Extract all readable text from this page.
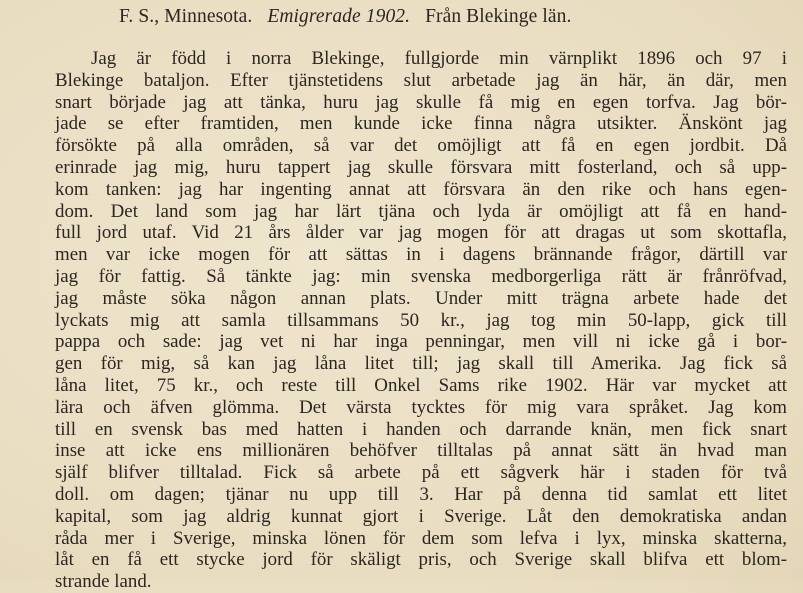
F. S., Minnesota. Emigrerade 1902. Från Blekinge län.
Jag är född i norra Blekinge, fullgjorde min värnplikt 1896 och 97 i
Blekinge bataljon. Efter tjänstetidens slut arbetade jag än här, än där, men
snart började jag att tänka, huru jag skulle få mig en egen torfva. Jag bör-
jade se efter framtiden, men kunde icke finna några utsikter. Änskönt jag
försökte på alla områden, så var det omöjligt att få en egen jordbit. Då
erinrade jag mig, huru tappert jag skulle försvara mitt fosterland, och så upp-
kom tanken: jag har ingenting annat att försvara än den rike och hans egen-
dom. Det land som jag har lärt tjäna och lyda är omöjligt att få en hand-
full jord utaf. Vid 21 års ålder var jag mogen för att dragas ut som skottafla,
men var icke mogen för att sättas in i dagens brännande frågor, därtill var
jag för fattig. Så tänkte jag: min svenska medborgerliga rätt är frånröfvad,
jag måste söka någon annan plats. Under mitt trägna arbete hade det
lyckats mig att samla tillsammans 50 kr., jag tog min 50-lapp, gick till
pappa och sade: jag vet ni har inga penningar, men vill ni icke gå i bor-
gen för mig, så kan jag låna litet till; jag skall till Amerika. Jag fick så
låna litet, 75 kr., och reste till Onkel Sams rike 1902. Här var mycket att
lära och äfven glömma. Det värsta tycktes för mig vara språket. Jag kom
till en svensk bas med hatten i handen och darrande knän, men fick snart
inse att icke ens millionären behöfver tilltalas på annat sätt än hvad man
själf blifver tilltalad. Fick så arbete på ett sågverk här i staden för två
doll. om dagen; tjänar nu upp till 3. Har på denna tid samlat ett litet
kapital, som jag aldrig kunnat gjort i Sverige. Låt den demokratiska andan
råda mer i Sverige, minska lönen för dem som lefva i lyx, minska skatterna,
låt en få ett stycke jord för skäligt pris, och Sverige skall blifva ett blom-
strande land.
